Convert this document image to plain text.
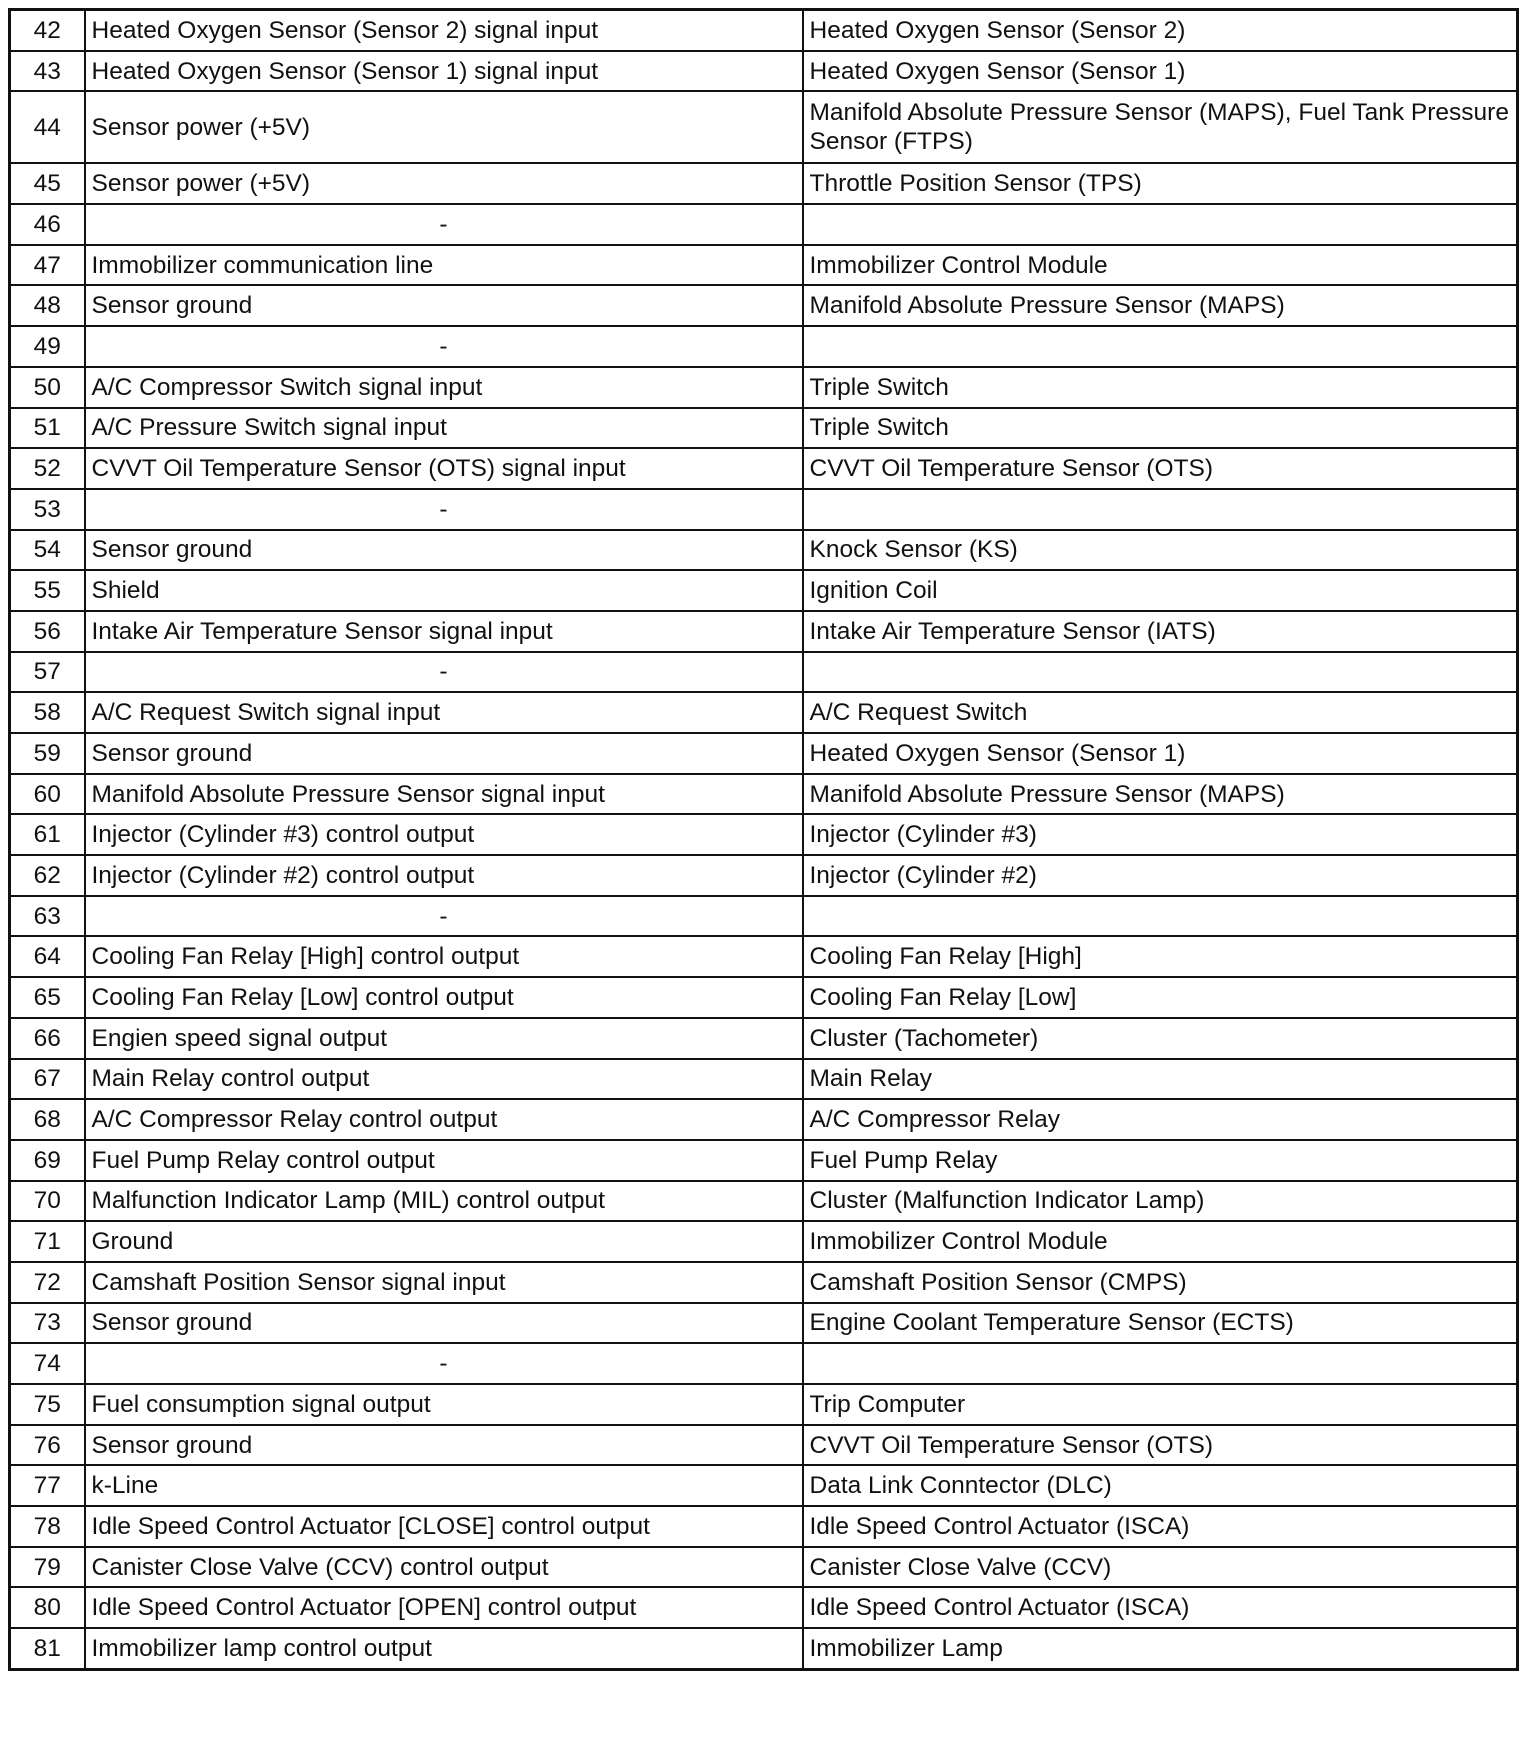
42	Heated Oxygen Sensor (Sensor 2) signal input	Heated Oxygen Sensor (Sensor 2)
43	Heated Oxygen Sensor (Sensor 1) signal input	Heated Oxygen Sensor (Sensor 1)
44	Sensor power (+5V)	Manifold Absolute Pressure Sensor (MAPS), Fuel Tank Pressure Sensor (FTPS)
45	Sensor power (+5V)	Throttle Position Sensor (TPS)
46	-	
47	Immobilizer communication line	Immobilizer Control Module
48	Sensor ground	Manifold Absolute Pressure Sensor (MAPS)
49	-	
50	A/C Compressor Switch signal input	Triple Switch
51	A/C Pressure Switch signal input	Triple Switch
52	CVVT Oil Temperature Sensor (OTS) signal input	CVVT Oil Temperature Sensor (OTS)
53	-	
54	Sensor ground	Knock Sensor (KS)
55	Shield	Ignition Coil
56	Intake Air Temperature Sensor signal input	Intake Air Temperature Sensor (IATS)
57	-	
58	A/C Request Switch signal input	A/C Request Switch
59	Sensor ground	Heated Oxygen Sensor (Sensor 1)
60	Manifold Absolute Pressure Sensor signal input	Manifold Absolute Pressure Sensor (MAPS)
61	Injector (Cylinder #3) control output	Injector (Cylinder #3)
62	Injector (Cylinder #2) control output	Injector (Cylinder #2)
63	-	
64	Cooling Fan Relay [High] control output	Cooling Fan Relay [High]
65	Cooling Fan Relay [Low] control output	Cooling Fan Relay [Low]
66	Engien speed signal output	Cluster (Tachometer)
67	Main Relay control output	Main Relay
68	A/C Compressor Relay control output	A/C Compressor Relay
69	Fuel Pump Relay control output	Fuel Pump Relay
70	Malfunction Indicator Lamp (MIL) control output	Cluster (Malfunction Indicator Lamp)
71	Ground	Immobilizer Control Module
72	Camshaft Position Sensor signal input	Camshaft Position Sensor (CMPS)
73	Sensor ground	Engine Coolant Temperature Sensor (ECTS)
74	-	
75	Fuel consumption signal output	Trip Computer
76	Sensor ground	CVVT Oil Temperature Sensor (OTS)
77	k-Line	Data Link Conntector (DLC)
78	Idle Speed Control Actuator [CLOSE] control output	Idle Speed Control Actuator (ISCA)
79	Canister Close Valve (CCV) control output	Canister Close Valve (CCV)
80	Idle Speed Control Actuator [OPEN] control output	Idle Speed Control Actuator (ISCA)
81	Immobilizer lamp control output	Immobilizer Lamp
